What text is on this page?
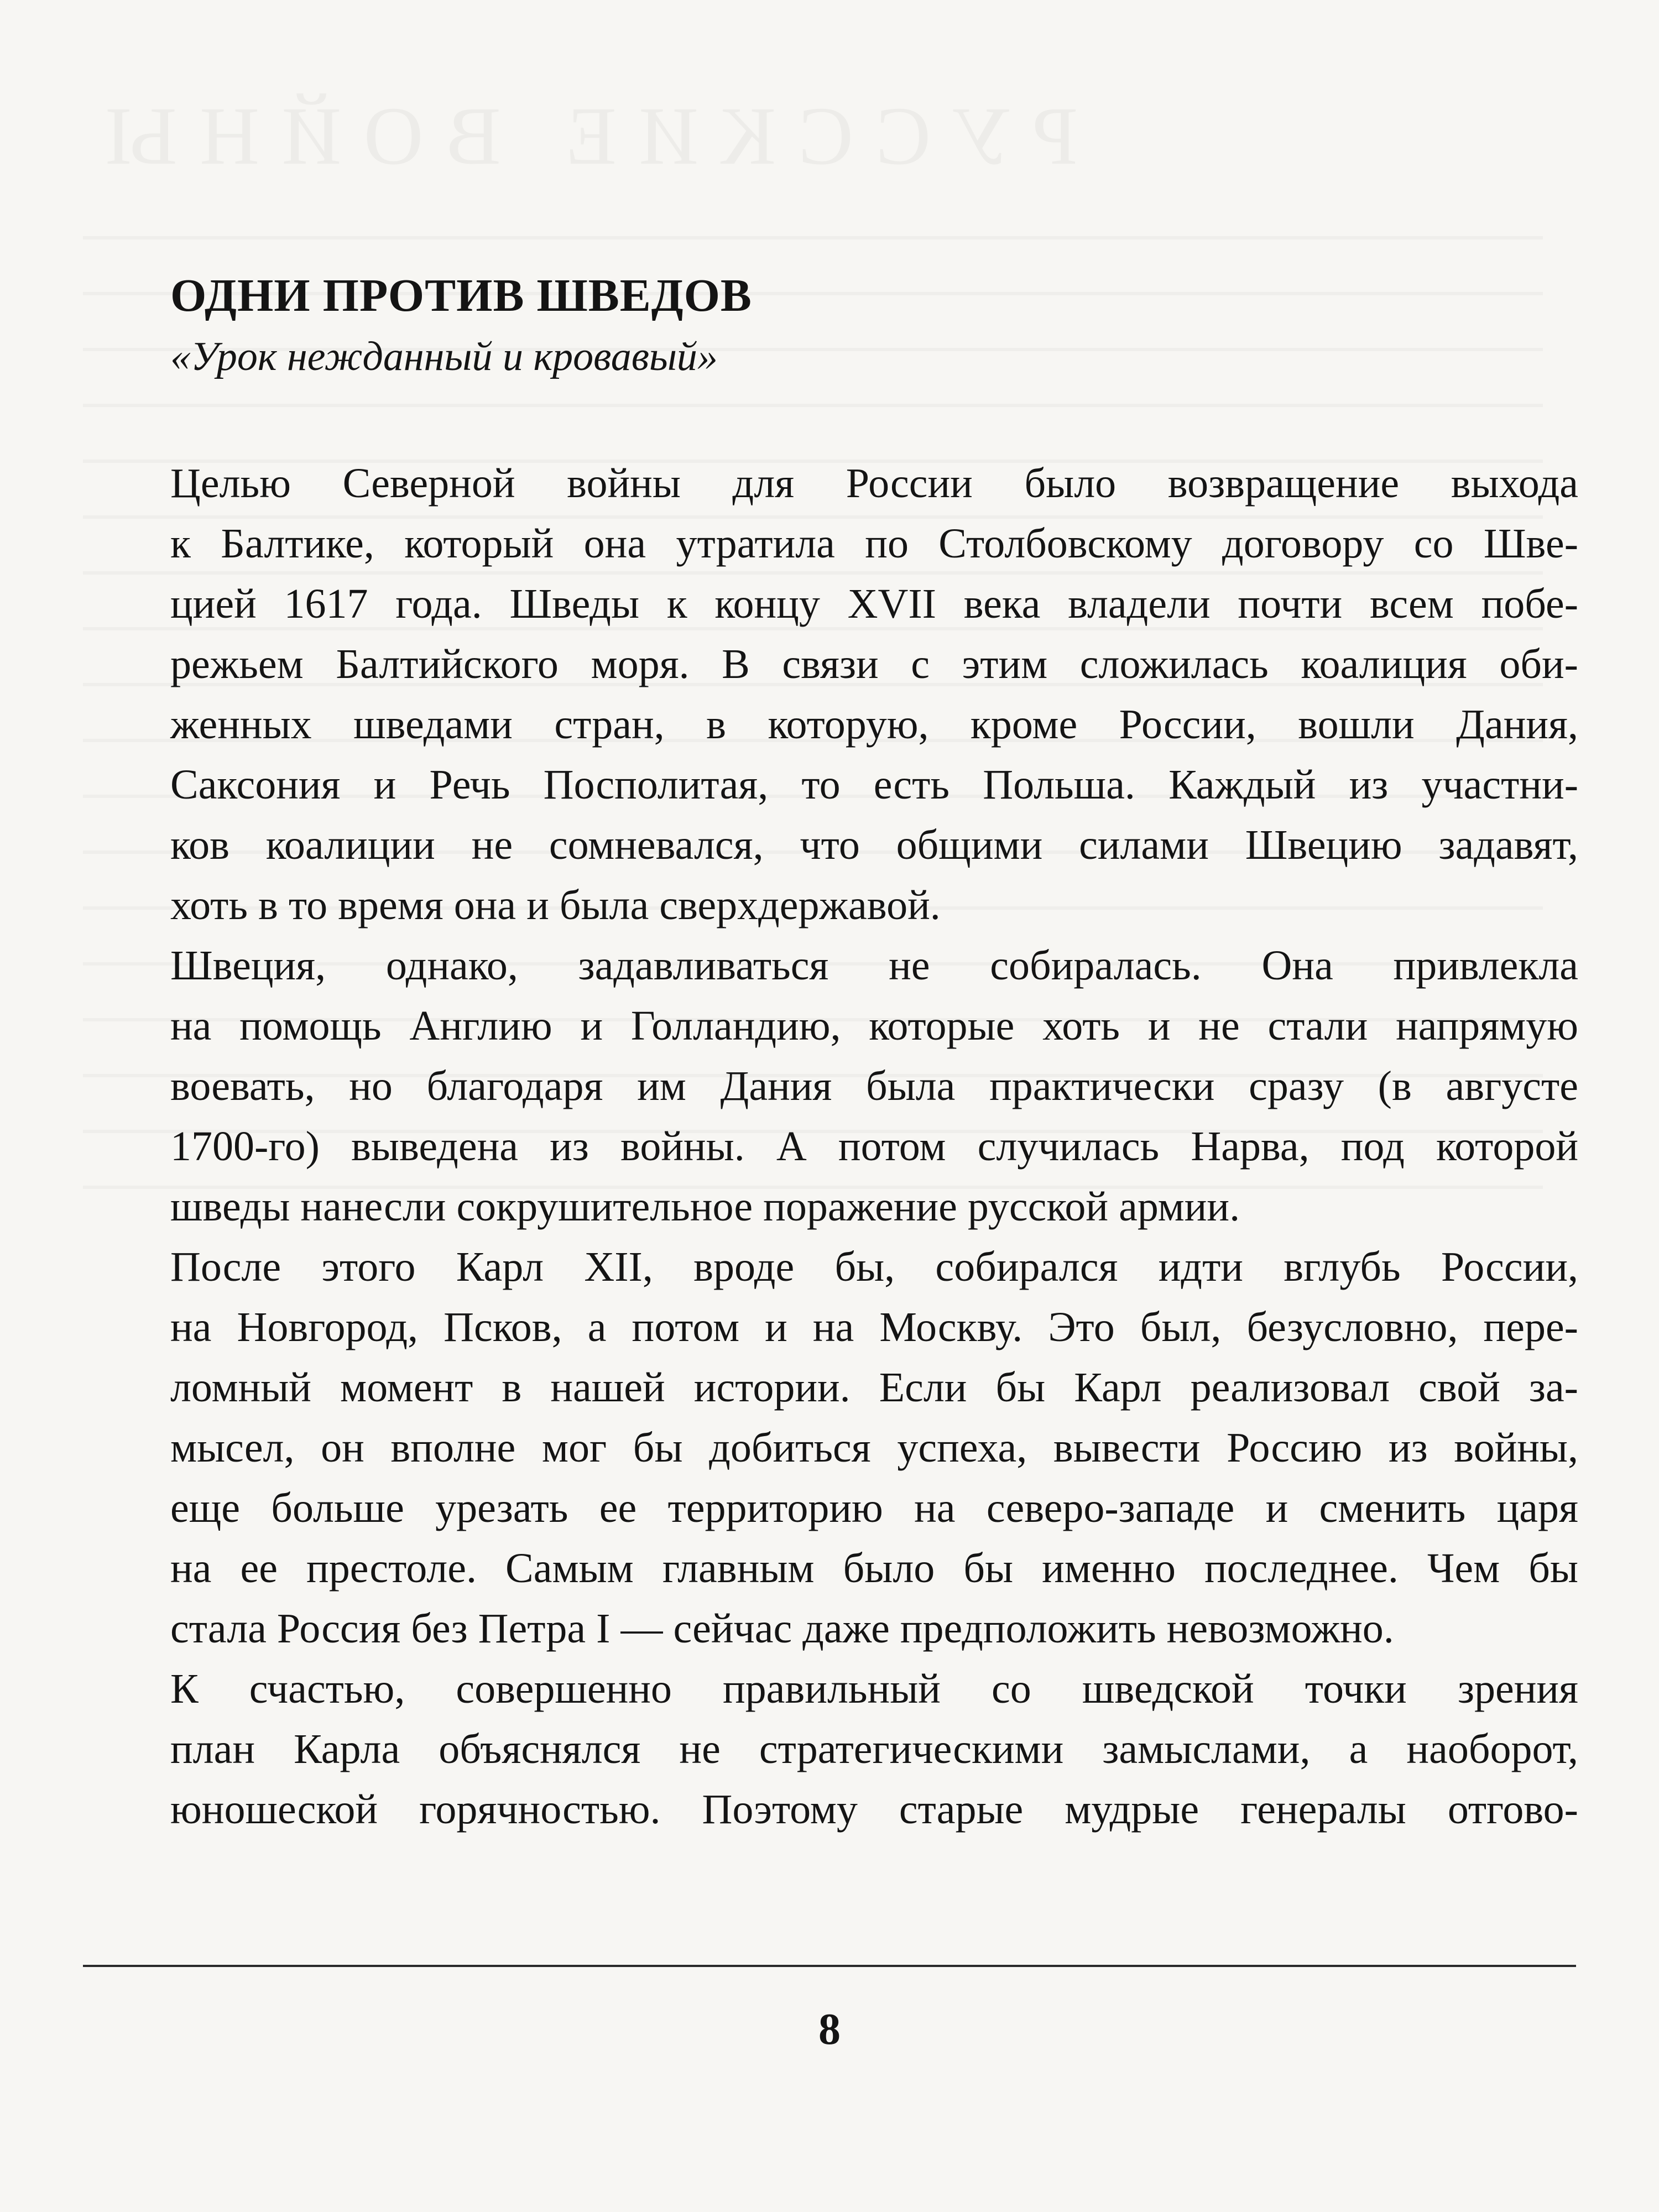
РУССКИЕ ВОЙНЫ
ОДНИ ПРОТИВ ШВЕДОВ
«Урок нежданный и кровавый»

Целью Северной войны для России было возвращение выхода
к Балтике, который она утратила по Столбовскому договору со Шве-
цией 1617 года. Шведы к концу XVII века владели почти всем побе-
режьем Балтийского моря. В связи с этим сложилась коалиция оби-
женных шведами стран, в которую, кроме России, вошли Дания,
Саксония и Речь Посполитая, то есть Польша. Каждый из участни-
ков коалиции не сомневался, что общими силами Швецию задавят,
хоть в то время она и была сверхдержавой.

Швеция, однако, задавливаться не собиралась. Она привлекла
на помощь Англию и Голландию, которые хоть и не стали напрямую
воевать, но благодаря им Дания была практически сразу (в августе
1700-го) выведена из войны. А потом случилась Нарва, под которой
шведы нанесли сокрушительное поражение русской армии.

После этого Карл XII, вроде бы, собирался идти вглубь России,
на Новгород, Псков, а потом и на Москву. Это был, безусловно, пере-
ломный момент в нашей истории. Если бы Карл реализовал свой за-
мысел, он вполне мог бы добиться успеха, вывести Россию из войны,
еще больше урезать ее территорию на северо-западе и сменить царя
на ее престоле. Самым главным было бы именно последнее. Чем бы
стала Россия без Петра I — сейчас даже предположить невозможно.

К счастью, совершенно правильный со шведской точки зрения
план Карла объяснялся не стратегическими замыслами, а наоборот,
юношеской горячностью. Поэтому старые мудрые генералы отгово-

8
